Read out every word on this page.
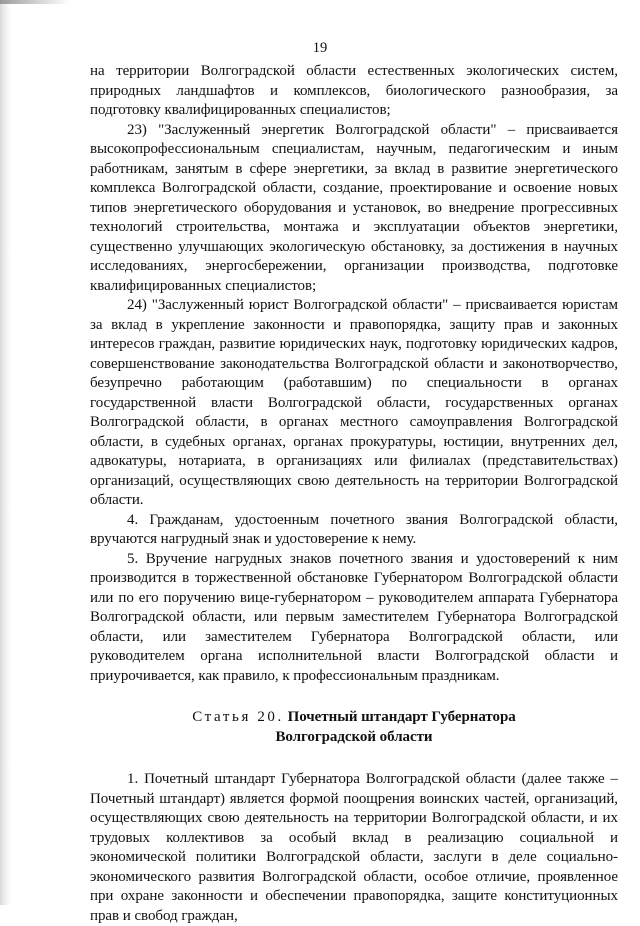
19

на территории Волгоградской области естественных экологических систем, природных ландшафтов и комплексов, биологического разнообразия, за подготовку квалифицированных специалистов;

23) "Заслуженный энергетик Волгоградской области" – присваивается высокопрофессиональным специалистам, научным, педагогическим и иным работникам, занятым в сфере энергетики, за вклад в развитие энергетического комплекса Волгоградской области, создание, проектирование и освоение новых типов энергетического оборудования и установок, во внедрение прогрессивных технологий строительства, монтажа и эксплуатации объектов энергетики, существенно улучшающих экологическую обстановку, за достижения в научных исследованиях, энергосбережении, организации производства, подготовке квалифицированных специалистов;

24) "Заслуженный юрист Волгоградской области" – присваивается юристам за вклад в укрепление законности и правопорядка, защиту прав и законных интересов граждан, развитие юридических наук, подготовку юридических кадров, совершенствование законодательства Волгоградской области и законотворчество, безупречно работающим (работавшим) по специальности в органах государственной власти Волгоградской области, государственных органах Волгоградской области, в органах местного самоуправления Волгоградской области, в судебных органах, органах прокуратуры, юстиции, внутренних дел, адвокатуры, нотариата, в организациях или филиалах (представительствах) организаций, осуществляющих свою деятельность на территории Волгоградской области.

4. Гражданам, удостоенным почетного звания Волгоградской области, вручаются нагрудный знак и удостоверение к нему.

5. Вручение нагрудных знаков почетного звания и удостоверений к ним производится в торжественной обстановке Губернатором Волгоградской области или по его поручению вице-губернатором – руководителем аппарата Губернатора Волгоградской области, или первым заместителем Губернатора Волгоградской области, или заместителем Губернатора Волгоградской области, или руководителем органа исполнительной власти Волгоградской области и приурочивается, как правило, к профессиональным праздникам.

Статья 20. Почетный штандарт Губернатора
Волгоградской области

1. Почетный штандарт Губернатора Волгоградской области (далее также – Почетный штандарт) является формой поощрения воинских частей, организаций, осуществляющих свою деятельность на территории Волгоградской области, и их трудовых коллективов за особый вклад в реализацию социальной и экономической политики Волгоградской области, заслуги в деле социально-экономического развития Волгоградской области, особое отличие, проявленное при охране законности и обеспечении правопорядка, защите конституционных прав и свобод граждан,
